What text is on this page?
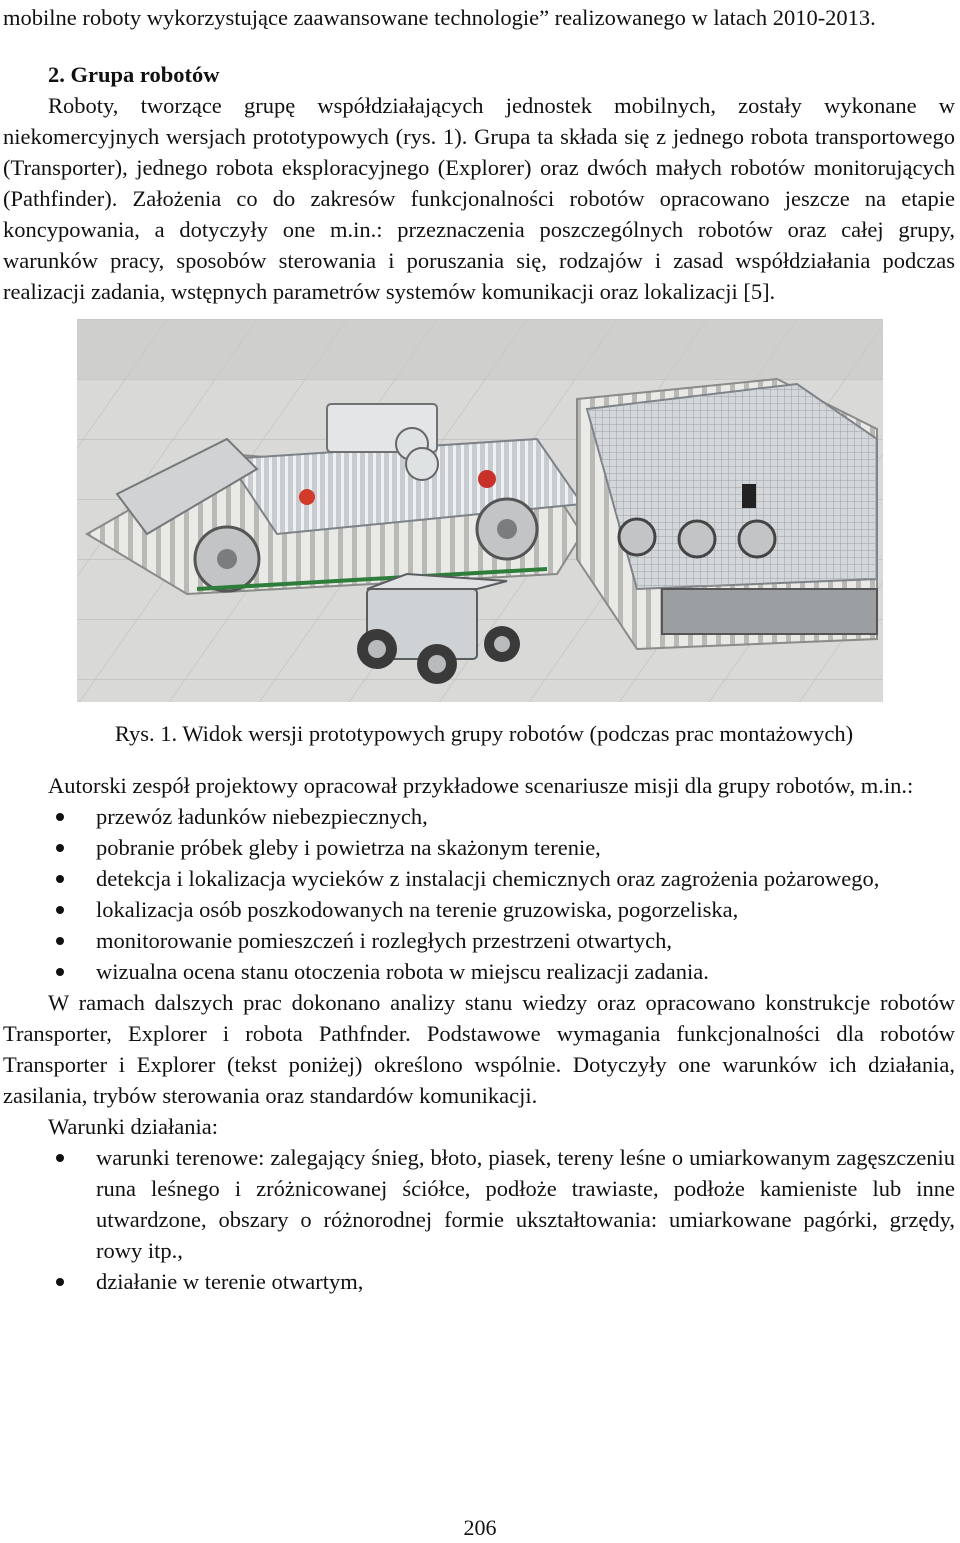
mobilne roboty wykorzystujące zaawansowane technologie” realizowanego w latach 2010-2013.

2. Grupa robotów

Roboty, tworzące grupę współdziałających jednostek mobilnych, zostały wykonane w niekomercyjnych wersjach prototypowych (rys. 1). Grupa ta składa się z jednego robota transportowego (Transporter), jednego robota eksploracyjnego (Explorer) oraz dwóch małych robotów monitorujących (Pathfinder). Założenia co do zakresów funkcjonalności robotów opracowano jeszcze na etapie koncypowania, a dotyczyły one m.in.: przeznaczenia poszczególnych robotów oraz całej grupy, warunków pracy, sposobów sterowania i poruszania się, rodzajów i zasad współdziałania podczas realizacji zadania, wstępnych parametrów systemów komunikacji oraz lokalizacji [5].

Rys. 1. Widok wersji prototypowych grupy robotów (podczas prac montażowych)

Autorski zespół projektowy opracował przykładowe scenariusze misji dla grupy robotów, m.in.:

przewóz ładunków niebezpiecznych,
pobranie próbek gleby i powietrza na skażonym terenie,
detekcja i lokalizacja wycieków z instalacji chemicznych oraz zagrożenia pożarowego,
lokalizacja osób poszkodowanych na terenie gruzowiska, pogorzeliska,
monitorowanie pomieszczeń i rozległych przestrzeni otwartych,
wizualna ocena stanu otoczenia robota w miejscu realizacji zadania.

W ramach dalszych prac dokonano analizy stanu wiedzy oraz opracowano konstrukcje robotów Transporter, Explorer i robota Pathfnder. Podstawowe wymagania funkcjonalności dla robotów Transporter i Explorer (tekst poniżej) określono wspólnie. Dotyczyły one warunków ich działania, zasilania, trybów sterowania oraz standardów komunikacji.

Warunki działania:

warunki terenowe: zalegający śnieg, błoto, piasek, tereny leśne o umiarkowanym zagęszczeniu runa leśnego i zróżnicowanej ściółce, podłoże trawiaste, podłoże kamieniste lub inne utwardzone, obszary o różnorodnej formie ukształtowania: umiarkowane pagórki, grzędy, rowy itp.,
działanie w terenie otwartym,
206
